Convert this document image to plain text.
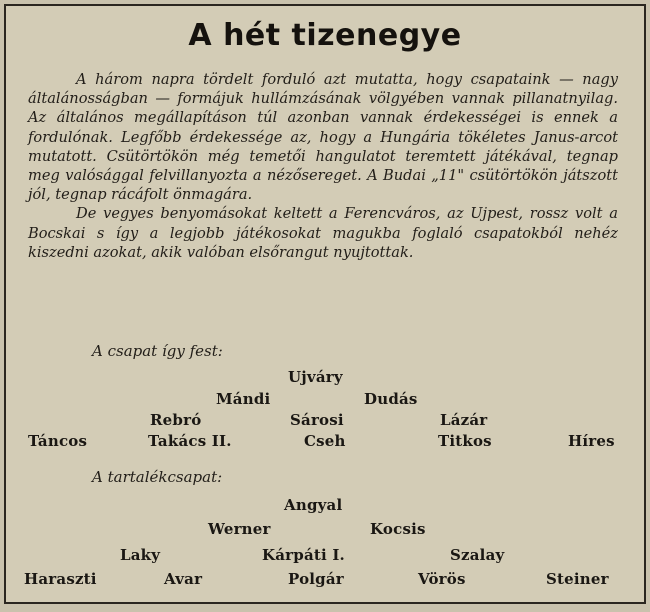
A hét tizenegye

A három napra tördelt forduló azt mutatta, hogy csapataink — nagy általánosságban — formájuk hullámzásának völgyében vannak pillanatnyilag. Az általános megállapításon túl azonban vannak érdekességei is ennek a fordulónak. Legfőbb érdekessége az, hogy a Hungária tökéletes Janus-arcot mutatott. Csütörtökön még temetői hangulatot teremtett játékával, tegnap meg valósággal felvillanyozta a nézősereget. A Budai „11" csütörtökön játszott jól, tegnap rácáfolt önmagára.

De vegyes benyomásokat keltett a Ferencváros, az Ujpest, rossz volt a Bocskai s így a legjobb játékosokat magukba foglaló csapatokból nehéz kiszedni azokat, akik valóban elsőrangut nyujtottak.

A csapat így fest:
Ujváry
Mándi	Dudás
Rebró	Sárosi	Lázár
Táncos	Takács II.	Cseh	Titkos	Híres
A tartalékcsapat:
Angyal
Werner	Kocsis
Laky	Kárpáti I.	Szalay
Haraszti	Avar	Polgár	Vörös	Steiner
